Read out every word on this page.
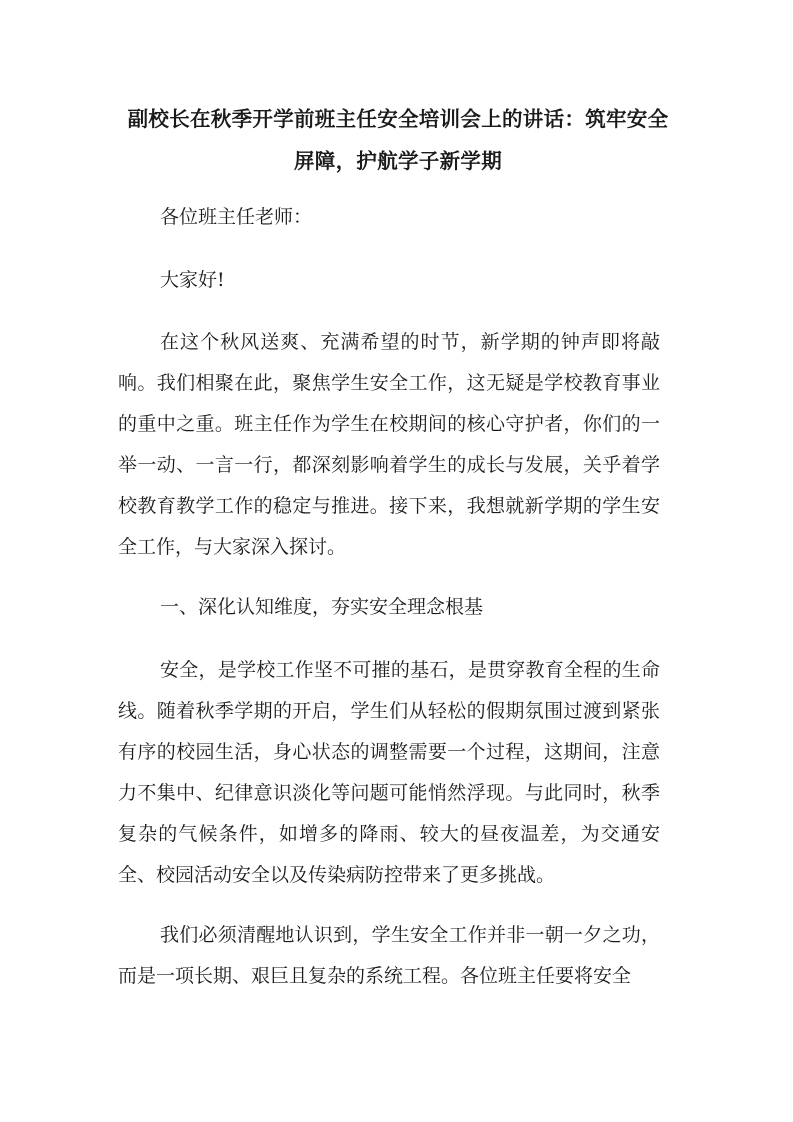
副校长在秋季开学前班主任安全培训会上的讲话：筑牢安全屏障，护航学子新学期

各位班主任老师：

大家好!

在这个秋风送爽、充满希望的时节，新学期的钟声即将敲响。我们相聚在此，聚焦学生安全工作，这无疑是学校教育事业的重中之重。班主任作为学生在校期间的核心守护者，你们的一举一动、一言一行，都深刻影响着学生的成长与发展，关乎着学校教育教学工作的稳定与推进。接下来，我想就新学期的学生安全工作，与大家深入探讨。

一、深化认知维度，夯实安全理念根基

安全，是学校工作坚不可摧的基石，是贯穿教育全程的生命线。随着秋季学期的开启，学生们从轻松的假期氛围过渡到紧张有序的校园生活，身心状态的调整需要一个过程，这期间，注意力不集中、纪律意识淡化等问题可能悄然浮现。与此同时，秋季复杂的气候条件，如增多的降雨、较大的昼夜温差，为交通安全、校园活动安全以及传染病防控带来了更多挑战。

我们必须清醒地认识到，学生安全工作并非一朝一夕之功，而是一项长期、艰巨且复杂的系统工程。各位班主任要将安全
